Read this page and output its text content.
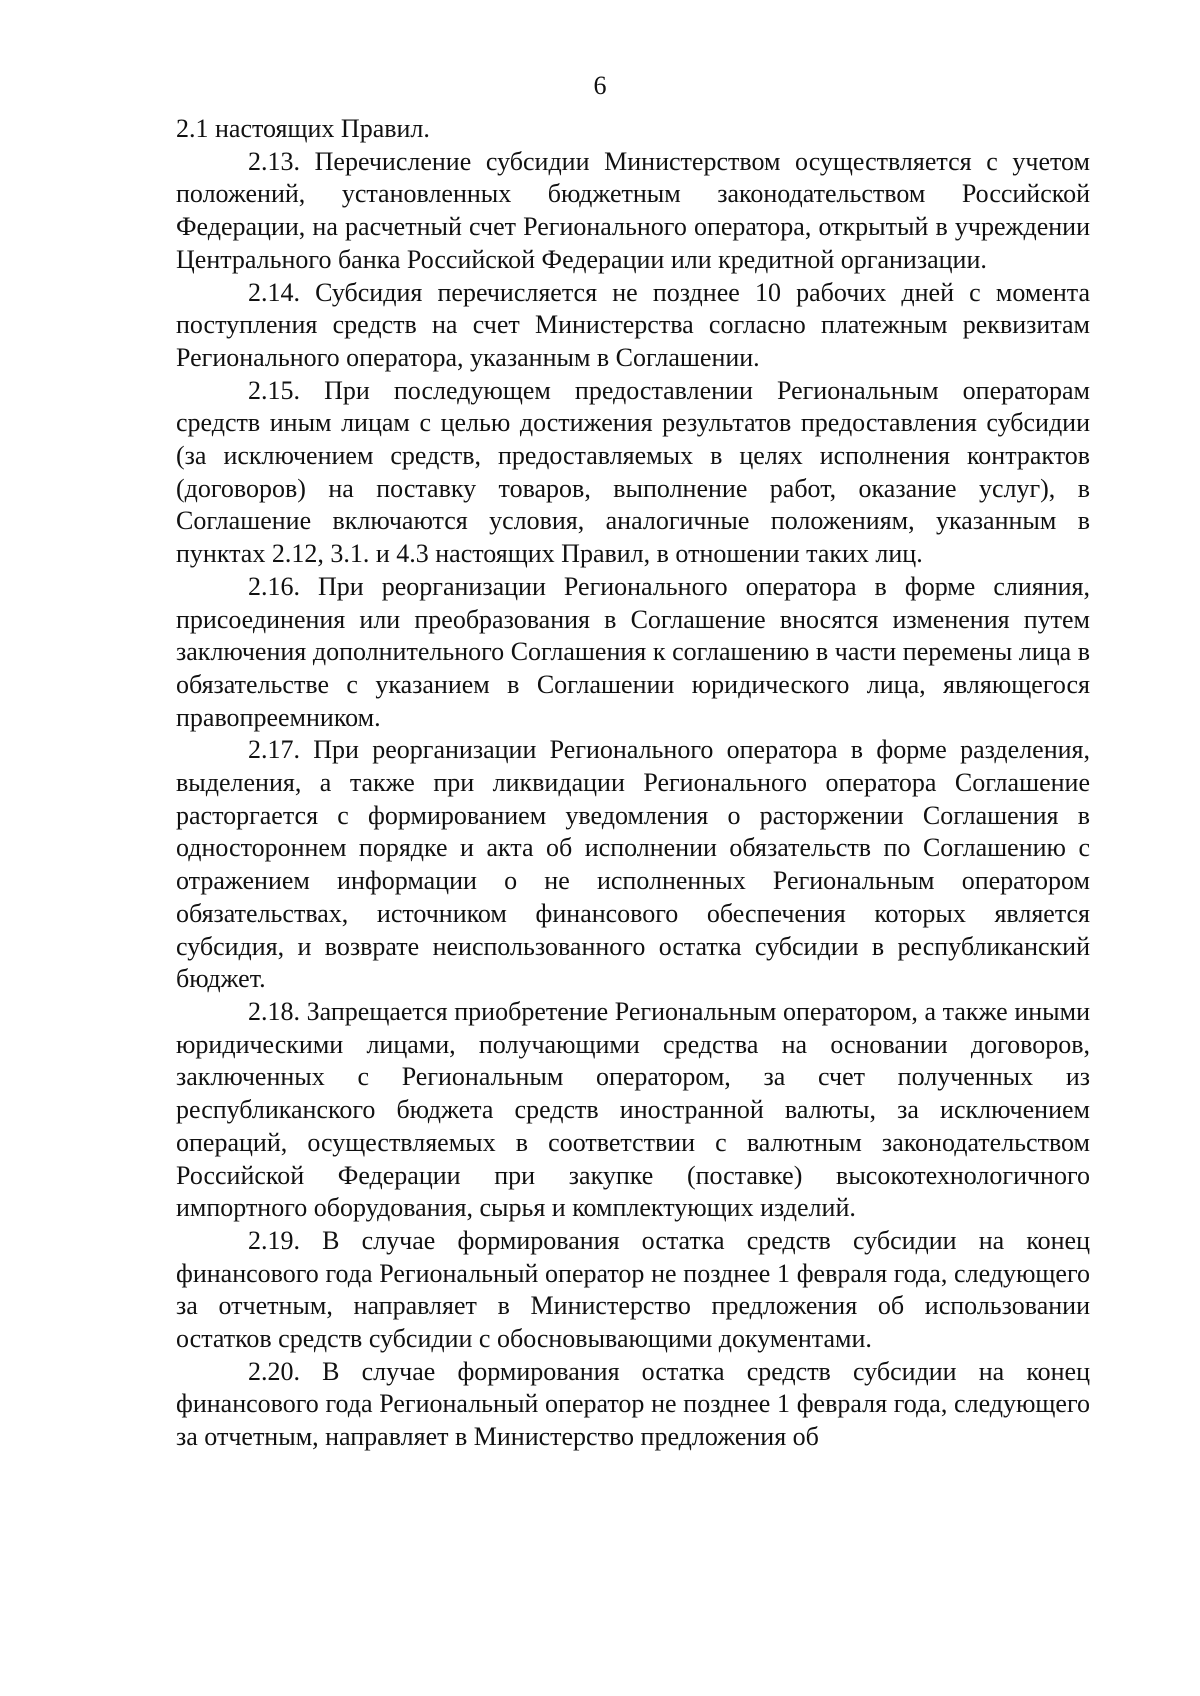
6

2.1 настоящих Правил.

2.13. Перечисление субсидии Министерством осуществляется с учетом положений, установленных бюджетным законодательством Российской Федерации, на расчетный счет Регионального оператора, открытый в учреждении Центрального банка Российской Федерации или кредитной организации.

2.14. Субсидия перечисляется не позднее 10 рабочих дней с момента поступления средств на счет Министерства согласно платежным реквизитам Регионального оператора, указанным в Соглашении.

2.15. При последующем предоставлении Региональным операторам средств иным лицам с целью достижения результатов предоставления субсидии (за исключением средств, предоставляемых в целях исполнения контрактов (договоров) на поставку товаров, выполнение работ, оказание услуг), в Соглашение включаются условия, аналогичные положениям, указанным в пунктах 2.12, 3.1. и 4.3 настоящих Правил, в отношении таких лиц.

2.16. При реорганизации Регионального оператора в форме слияния, присоединения или преобразования в Соглашение вносятся изменения путем заключения дополнительного Соглашения к соглашению в части перемены лица в обязательстве с указанием в Соглашении юридического лица, являющегося правопреемником.

2.17. При реорганизации Регионального оператора в форме разделения, выделения, а также при ликвидации Регионального оператора Соглашение расторгается с формированием уведомления о расторжении Соглашения в одностороннем порядке и акта об исполнении обязательств по Соглашению с отражением информации о не исполненных Региональным оператором обязательствах, источником финансового обеспечения которых является субсидия, и возврате неиспользованного остатка субсидии в республиканский бюджет.

2.18. Запрещается приобретение Региональным оператором, а также иными юридическими лицами, получающими средства на основании договоров, заключенных с Региональным оператором, за счет полученных из республиканского бюджета средств иностранной валюты, за исключением операций, осуществляемых в соответствии с валютным законодательством Российской Федерации при закупке (поставке) высокотехнологичного импортного оборудования, сырья и комплектующих изделий.

2.19. В случае формирования остатка средств субсидии на конец финансового года Региональный оператор не позднее 1 февраля года, следующего за отчетным, направляет в Министерство предложения об использовании остатков средств субсидии с обосновывающими документами.

2.20. В случае формирования остатка средств субсидии на конец финансового года Региональный оператор не позднее 1 февраля года, следующего за отчетным, направляет в Министерство предложения об
